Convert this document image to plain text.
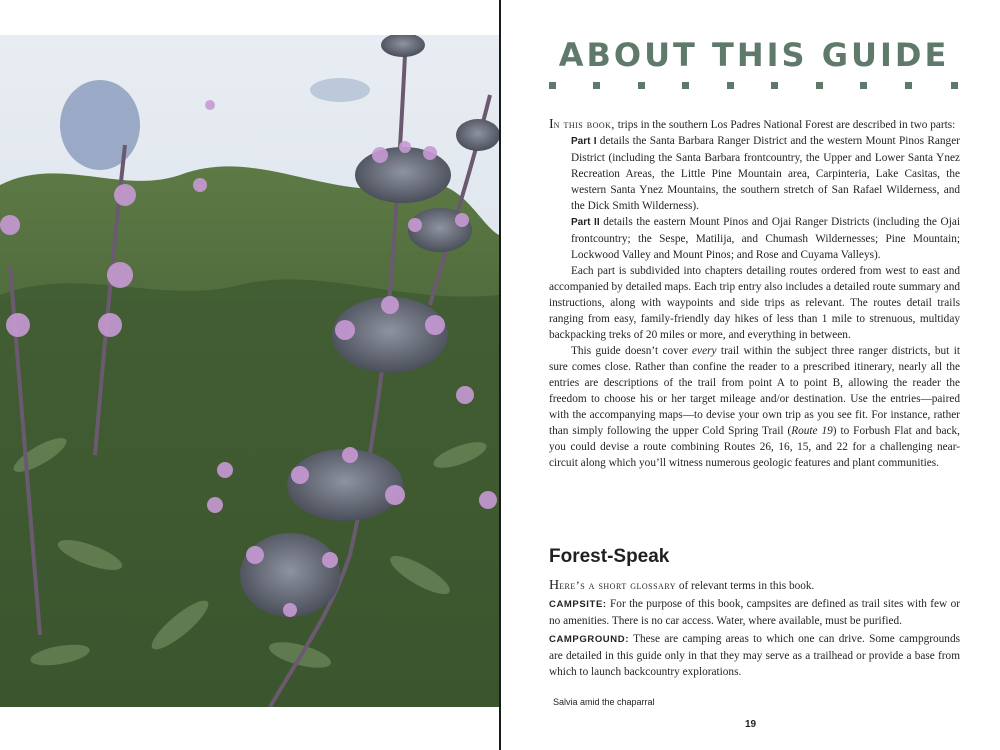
Salvia amid the chaparral
ABOUT THIS GUIDE

In this book, trips in the southern Los Padres National Forest are described in two parts:

Part I details the Santa Barbara Ranger District and the western Mount Pinos Ranger District (including the Santa Barbara frontcountry, the Upper and Lower Santa Ynez Recreation Areas, the Little Pine Mountain area, Carpinteria, Lake Casitas, the western Santa Ynez Mountains, the southern stretch of San Rafael Wilderness, and the Dick Smith Wilderness).

Part II details the eastern Mount Pinos and Ojai Ranger Districts (including the Ojai frontcountry; the Sespe, Matilija, and Chumash Wildernesses; Pine Mountain; Lockwood Valley and Mount Pinos; and Rose and Cuyama Valleys).

Each part is subdivided into chapters detailing routes ordered from west to east and accompanied by detailed maps. Each trip entry also includes a detailed route summary and instructions, along with waypoints and side trips as relevant. The routes detail trails ranging from easy, family-friendly day hikes of less than 1 mile to strenuous, multiday backpacking treks of 20 miles or more, and everything in between.

This guide doesn’t cover every trail within the subject three ranger districts, but it sure comes close. Rather than confine the reader to a prescribed itinerary, nearly all the entries are descriptions of the trail from point A to point B, allowing the reader the freedom to choose his or her target mileage and/or destination. Use the entries—paired with the accompanying maps—to devise your own trip as you see fit. For instance, rather than simply following the upper Cold Spring Trail (Route 19) to Forbush Flat and back, you could devise a route combining Routes 26, 16, 15, and 22 for a challenging near-circuit along which you’ll witness numerous geologic features and plant communities.

Forest-Speak

Here’s a short glossary of relevant terms in this book.

CAMPSITE: For the purpose of this book, campsites are defined as trail sites with few or no amenities. There is no car access. Water, where available, must be purified.

CAMPGROUND: These are camping areas to which one can drive. Some campgrounds are detailed in this guide only in that they may serve as a trailhead or provide a base from which to launch backcountry explorations.

19
